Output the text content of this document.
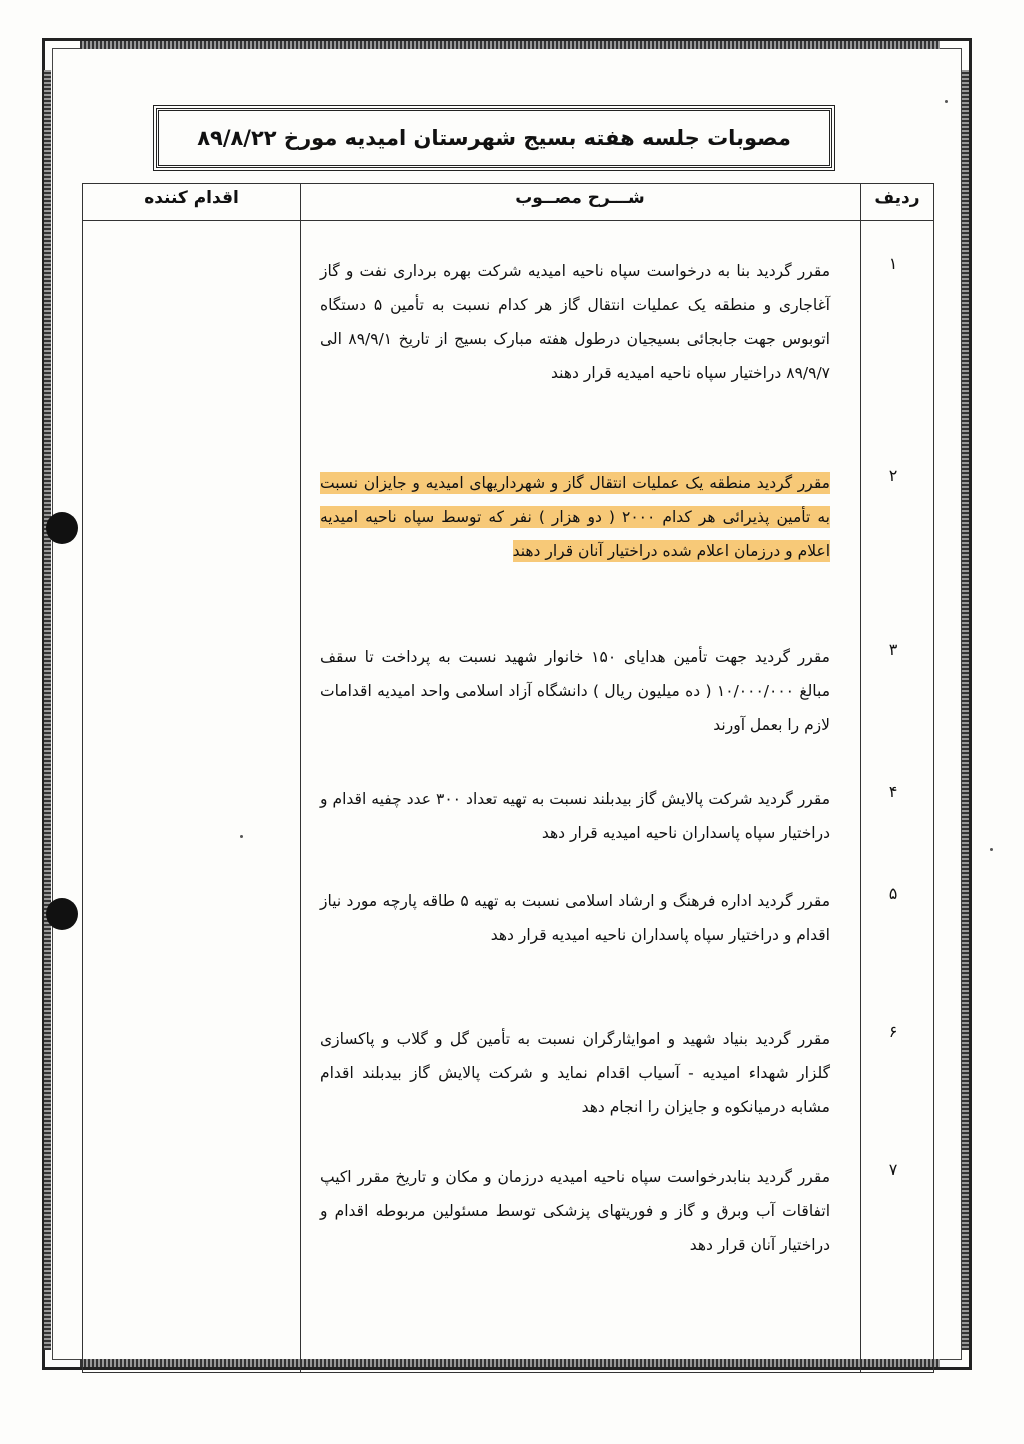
مصوبات جلسه هفته بسیج شهرستان امیدیه مورخ ۸۹/۸/۲۲
ردیف
شـــرح مصــوب
اقدام کننده
۱
مقرر گردید بنا به درخواست سپاه ناحیه امیدیه شرکت بهره برداری نفت و گاز آغاجاری و منطقه یک عملیات انتقال گاز هر کدام نسبت به تأمین ۵ دستگاه اتوبوس جهت جابجائی بسیجیان درطول هفته مبارک بسیج از تاریخ ۸۹/۹/۱ الی ۸۹/۹/۷ دراختیار سپاه ناحیه امیدیه قرار دهند
۲
مقرر گردید منطقه یک عملیات انتقال گاز و شهرداریهای امیدیه و جایزان نسبت به تأمین پذیرائی هر کدام ۲۰۰۰ ( دو هزار ) نفر که توسط سپاه ناحیه امیدیه اعلام و درزمان اعلام شده دراختیار آنان قرار دهند
۳
مقرر گردید جهت تأمین هدایای ۱۵۰ خانوار شهید نسبت به پرداخت تا سقف مبالغ ۱۰/۰۰۰/۰۰۰ ( ده میلیون ریال ) دانشگاه آزاد اسلامی واحد امیدیه اقدامات لازم را بعمل آورند
۴
مقرر گردید شرکت پالایش گاز بیدبلند نسبت به تهیه تعداد ۳۰۰ عدد چفیه اقدام و دراختیار سپاه پاسداران ناحیه امیدیه قرار دهد
۵
مقرر گردید اداره فرهنگ و ارشاد اسلامی نسبت به تهیه ۵ طاقه پارچه مورد نیاز اقدام و دراختیار سپاه پاسداران ناحیه امیدیه قرار دهد
۶
مقرر گردید بنیاد شهید و اموایثارگران نسبت به تأمین گل و گلاب و پاکسازی گلزار شهداء امیدیه - آسیاب اقدام نماید و شرکت پالایش گاز بیدبلند اقدام مشابه درمیانکوه و جایزان را انجام دهد
۷
مقرر گردید بنابدرخواست سپاه ناحیه امیدیه درزمان و مکان و تاریخ مقرر اکیپ اتفاقات آب وبرق و گاز و فوریتهای پزشکی توسط مسئولین مربوطه اقدام و دراختیار آنان قرار دهد
